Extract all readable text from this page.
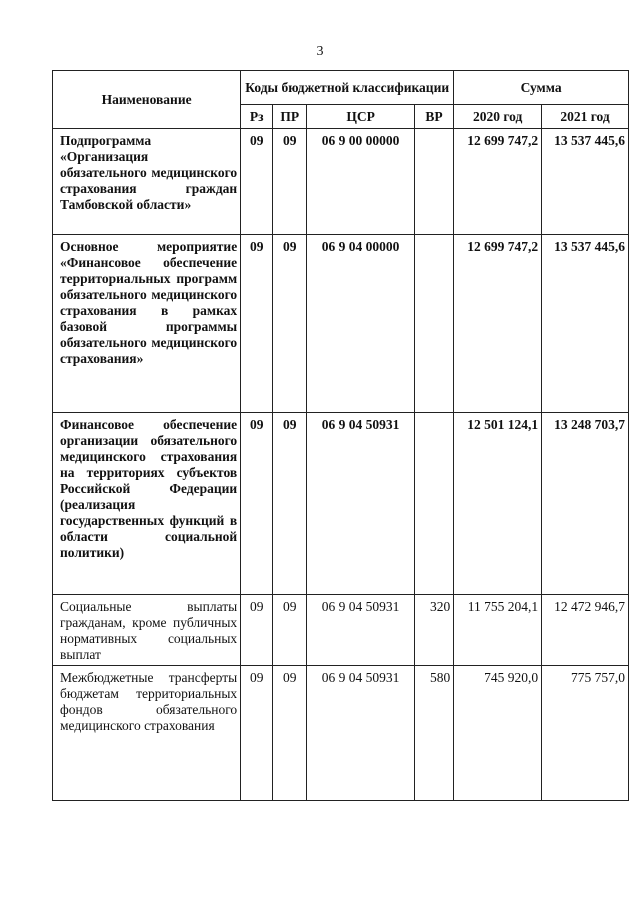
3
Наименование	Коды бюджетной классификации				Сумма	
	Рз	ПР	ЦСР	ВР	2020 год	2021 год
Подпрограмма «Организация обязательного медицинского страхования граждан Тамбовской области»	09	09	06 9 00 00000		12 699 747,2	13 537 445,6
Основное мероприятие «Финансовое обеспечение территориальных программ обязательного медицинского страхования в рамках базовой программы обязательного медицинского страхования»	09	09	06 9 04 00000		12 699 747,2	13 537 445,6
Финансовое обеспечение организации обязательного медицинского страхования на территориях субъектов Российской Федерации (реализация государственных функций в области социальной политики)	09	09	06 9 04 50931		12 501 124,1	13 248 703,7
Социальные выплаты гражданам, кроме публичных нормативных социальных выплат	09	09	06 9 04 50931	320	11 755 204,1	12 472 946,7
Межбюджетные трансферты бюджетам территориальных фондов обязательного медицинского страхования	09	09	06 9 04 50931	580	745 920,0	775 757,0
